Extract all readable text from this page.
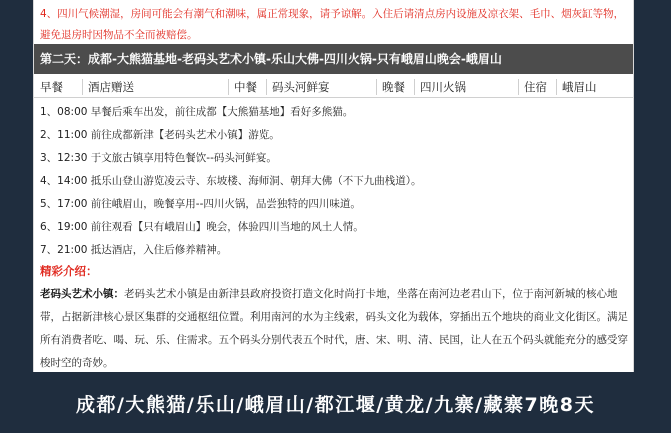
4、四川气候潮湿，房间可能会有潮气和潮味，属正常现象，请予谅解。入住后请清点房内设施及凉衣架、毛巾、烟灰缸等物，避免退房时因物品不全而被赔偿。

第二天：成都-大熊猫基地-老码头艺术小镇-乐山大佛-四川火锅-只有峨眉山晚会-峨眉山
早餐 酒店赠送	中餐 码头河鲜宴	晚餐 四川火锅	住宿 峨眉山
1、08:00 早餐后乘车出发，前往成都【大熊猫基地】看好多熊猫。
2、11:00 前往成都新津【老码头艺术小镇】游览。
3、12:30 于文旅古镇享用特色餐饮--码头河鲜宴。
4、14:00 抵乐山登山游览凌云寺、东坡楼、海师洞、朝拜大佛（不下九曲栈道）。
5、17:00 前往峨眉山，晚餐享用--四川火锅，品尝独特的四川味道。
6、19:00 前往观看【只有峨眉山】晚会，体验四川当地的风土人情。
7、21:00 抵达酒店，入住后修养精神。
精彩介绍：

老码头艺术小镇：老码头艺术小镇是由新津县政府投资打造文化时尚打卡地，坐落在南河边老君山下，位于南河新城的核心地带，占据新津核心景区集群的交通枢纽位置。利用南河的水为主线索，码头文化为载体，穿插出五个地块的商业文化街区。满足所有消费者吃、喝、玩、乐、住需求。五个码头分别代表五个时代，唐、宋、明、清、民国，让人在五个码头就能充分的感受穿梭时空的奇妙。

成都/大熊猫/乐山/峨眉山/都江堰/黄龙/九寨/藏寨7晚8天
